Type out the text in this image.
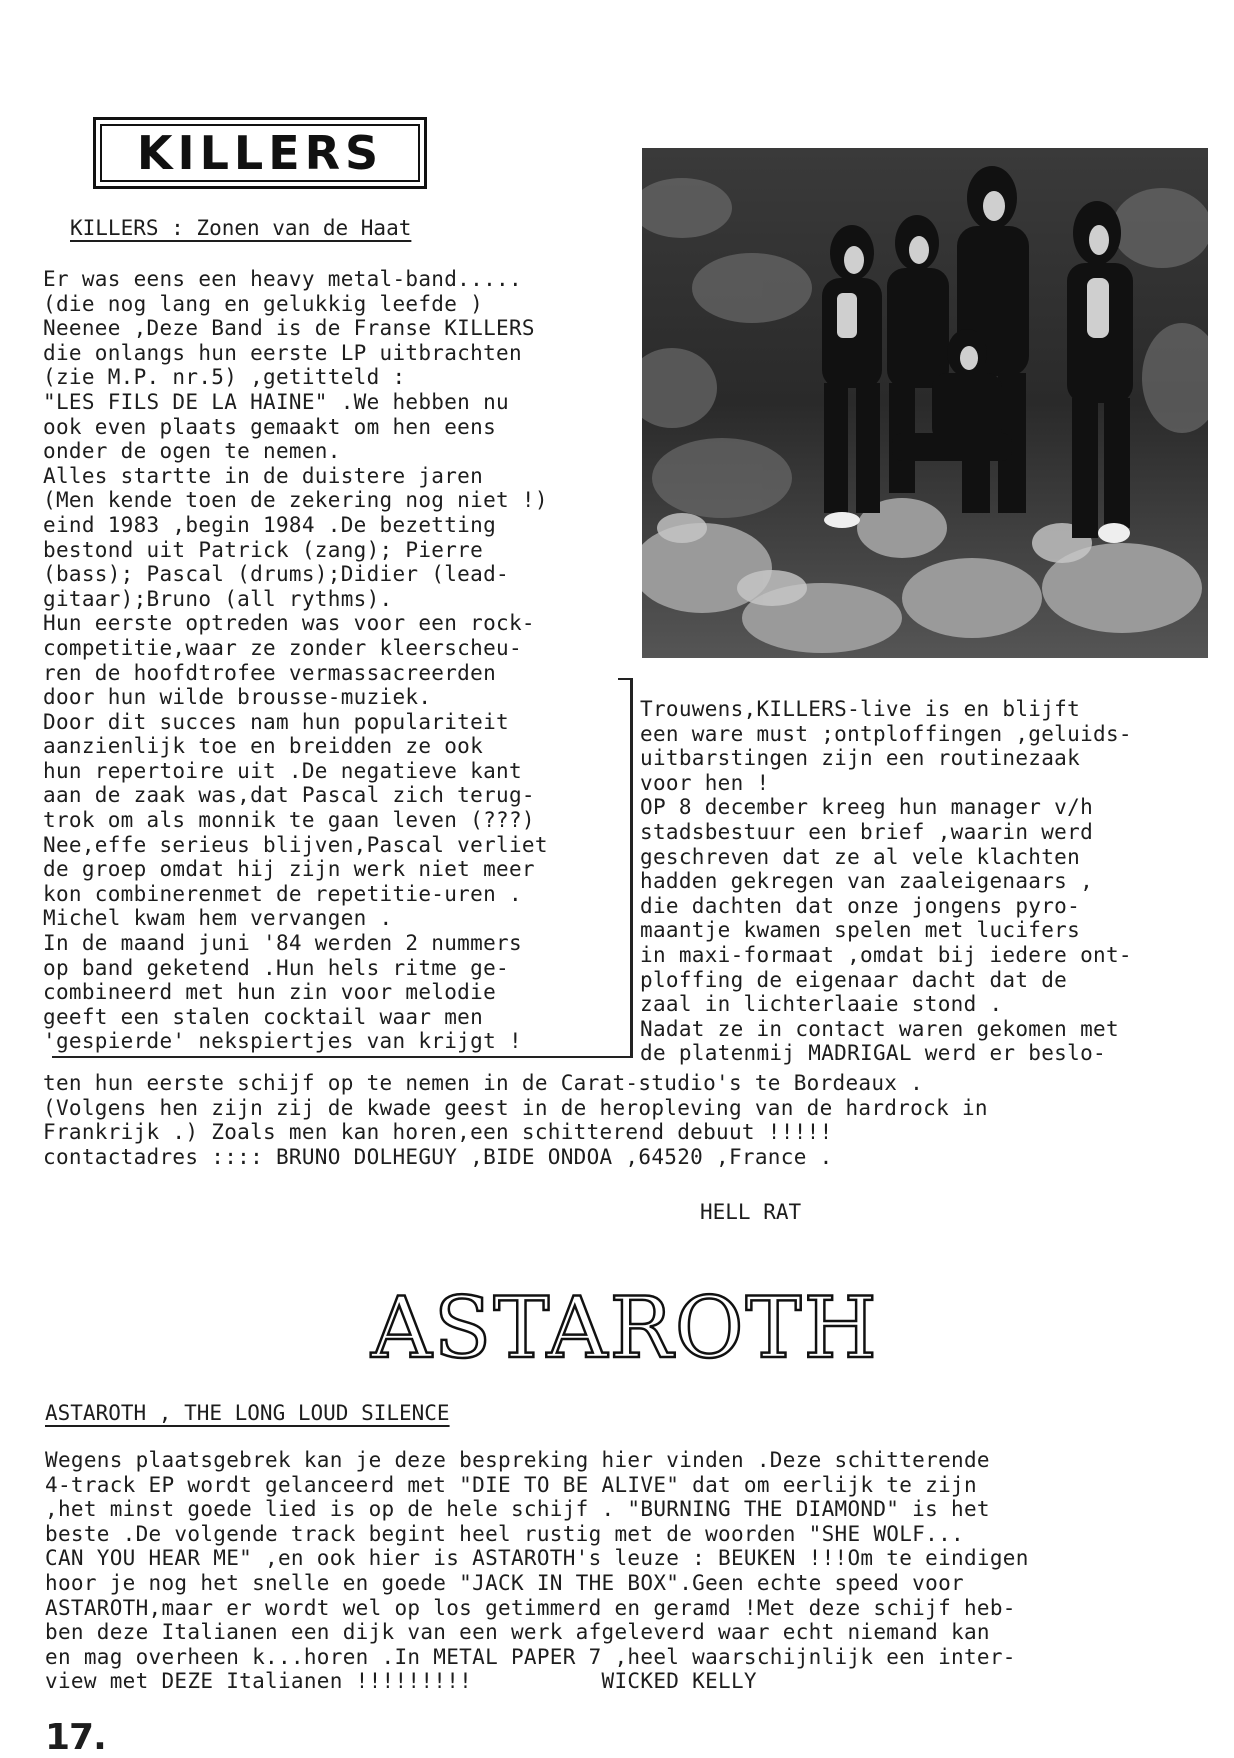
KILLERS
KILLERS : Zonen van de Haat
Er was eens een heavy metal-band.....
(die nog lang en gelukkig leefde )
Neenee ,Deze Band is de Franse KILLERS
die onlangs hun eerste LP uitbrachten
(zie M.P. nr.5) ,getitteld :
"LES FILS DE LA HAINE" .We hebben nu
ook even plaats gemaakt om hen eens
onder de ogen te nemen.
Alles startte in de duistere jaren
(Men kende toen de zekering nog niet !)
eind 1983 ,begin 1984 .De bezetting
bestond uit Patrick (zang); Pierre
(bass); Pascal (drums);Didier (lead-
gitaar);Bruno (all rythms).
Hun eerste optreden was voor een rock-
competitie,waar ze zonder kleerscheu-
ren de hoofdtrofee vermassacreerden
door hun wilde brousse-muziek.
Door dit succes nam hun populariteit
aanzienlijk toe en breidden ze ook
hun repertoire uit .De negatieve kant
aan de zaak was,dat Pascal zich terug-
trok om als monnik te gaan leven (???)
Nee,effe serieus blijven,Pascal verliet
de groep omdat hij zijn werk niet meer
kon combinerenmet de repetitie-uren .
Michel kwam hem vervangen .
In de maand juni '84 werden 2 nummers
op band geketend .Hun hels ritme ge-
combineerd met hun zin voor melodie
geeft een stalen cocktail waar men
'gespierde' nekspiertjes van krijgt !
Trouwens,KILLERS-live is en blijft
een ware must ;ontploffingen ,geluids-
uitbarstingen zijn een routinezaak
voor hen !
OP 8 december kreeg hun manager v/h
stadsbestuur een brief ,waarin werd
geschreven dat ze al vele klachten
hadden gekregen van zaaleigenaars ,
die dachten dat onze jongens pyro-
maantje kwamen spelen met lucifers
in maxi-formaat ,omdat bij iedere ont-
ploffing de eigenaar dacht dat de
zaal in lichterlaaie stond .
Nadat ze in contact waren gekomen met
de platenmij MADRIGAL werd er beslo-
ten hun eerste schijf op te nemen in de Carat-studio's te Bordeaux .
(Volgens hen zijn zij de kwade geest in de heropleving van de hardrock in
Frankrijk .) Zoals men kan horen,een schitterend debuut !!!!!
contactadres :::: BRUNO DOLHEGUY ,BIDE ONDOA ,64520 ,France .
HELL RAT
ASTAROTH
ASTAROTH , THE LONG LOUD SILENCE
Wegens plaatsgebrek kan je deze bespreking hier vinden .Deze schitterende
4-track EP wordt gelanceerd met "DIE TO BE ALIVE" dat om eerlijk te zijn
,het minst goede lied is op de hele schijf . "BURNING THE DIAMOND" is het
beste .De volgende track begint heel rustig met de woorden "SHE WOLF...
CAN YOU HEAR ME" ,en ook hier is ASTAROTH's leuze : BEUKEN !!!Om te eindigen
hoor je nog het snelle en goede "JACK IN THE BOX".Geen echte speed voor
ASTAROTH,maar er wordt wel op los getimmerd en geramd !Met deze schijf heb-
ben deze Italianen een dijk van een werk afgeleverd waar echt niemand kan
en mag overheen k...horen .In METAL PAPER 7 ,heel waarschijnlijk een inter-
view met DEZE Italianen !!!!!!!!!          WICKED KELLY
17.
